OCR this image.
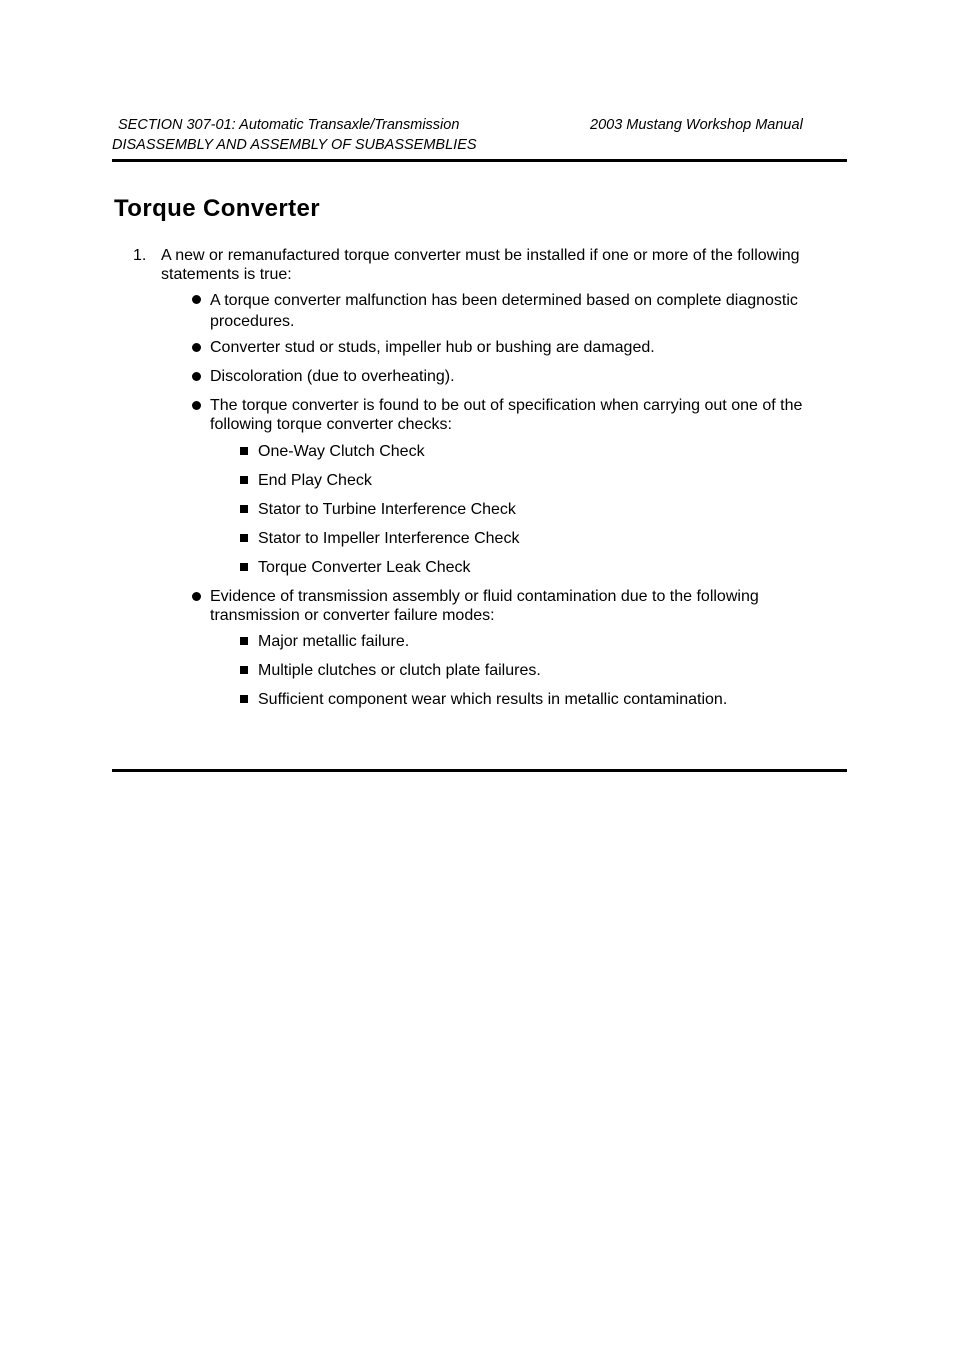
SECTION 307-01: Automatic Transaxle/Transmission	2003 Mustang Workshop Manual
DISASSEMBLY AND ASSEMBLY OF SUBASSEMBLIES
Torque Converter
1. A new or remanufactured torque converter must be installed if one or more of the following statements is true:
A torque converter malfunction has been determined based on complete diagnostic procedures.
Converter stud or studs, impeller hub or bushing are damaged.
Discoloration (due to overheating).
The torque converter is found to be out of specification when carrying out one of the following torque converter checks:
One-Way Clutch Check
End Play Check
Stator to Turbine Interference Check
Stator to Impeller Interference Check
Torque Converter Leak Check
Evidence of transmission assembly or fluid contamination due to the following transmission or converter failure modes:
Major metallic failure.
Multiple clutches or clutch plate failures.
Sufficient component wear which results in metallic contamination.
